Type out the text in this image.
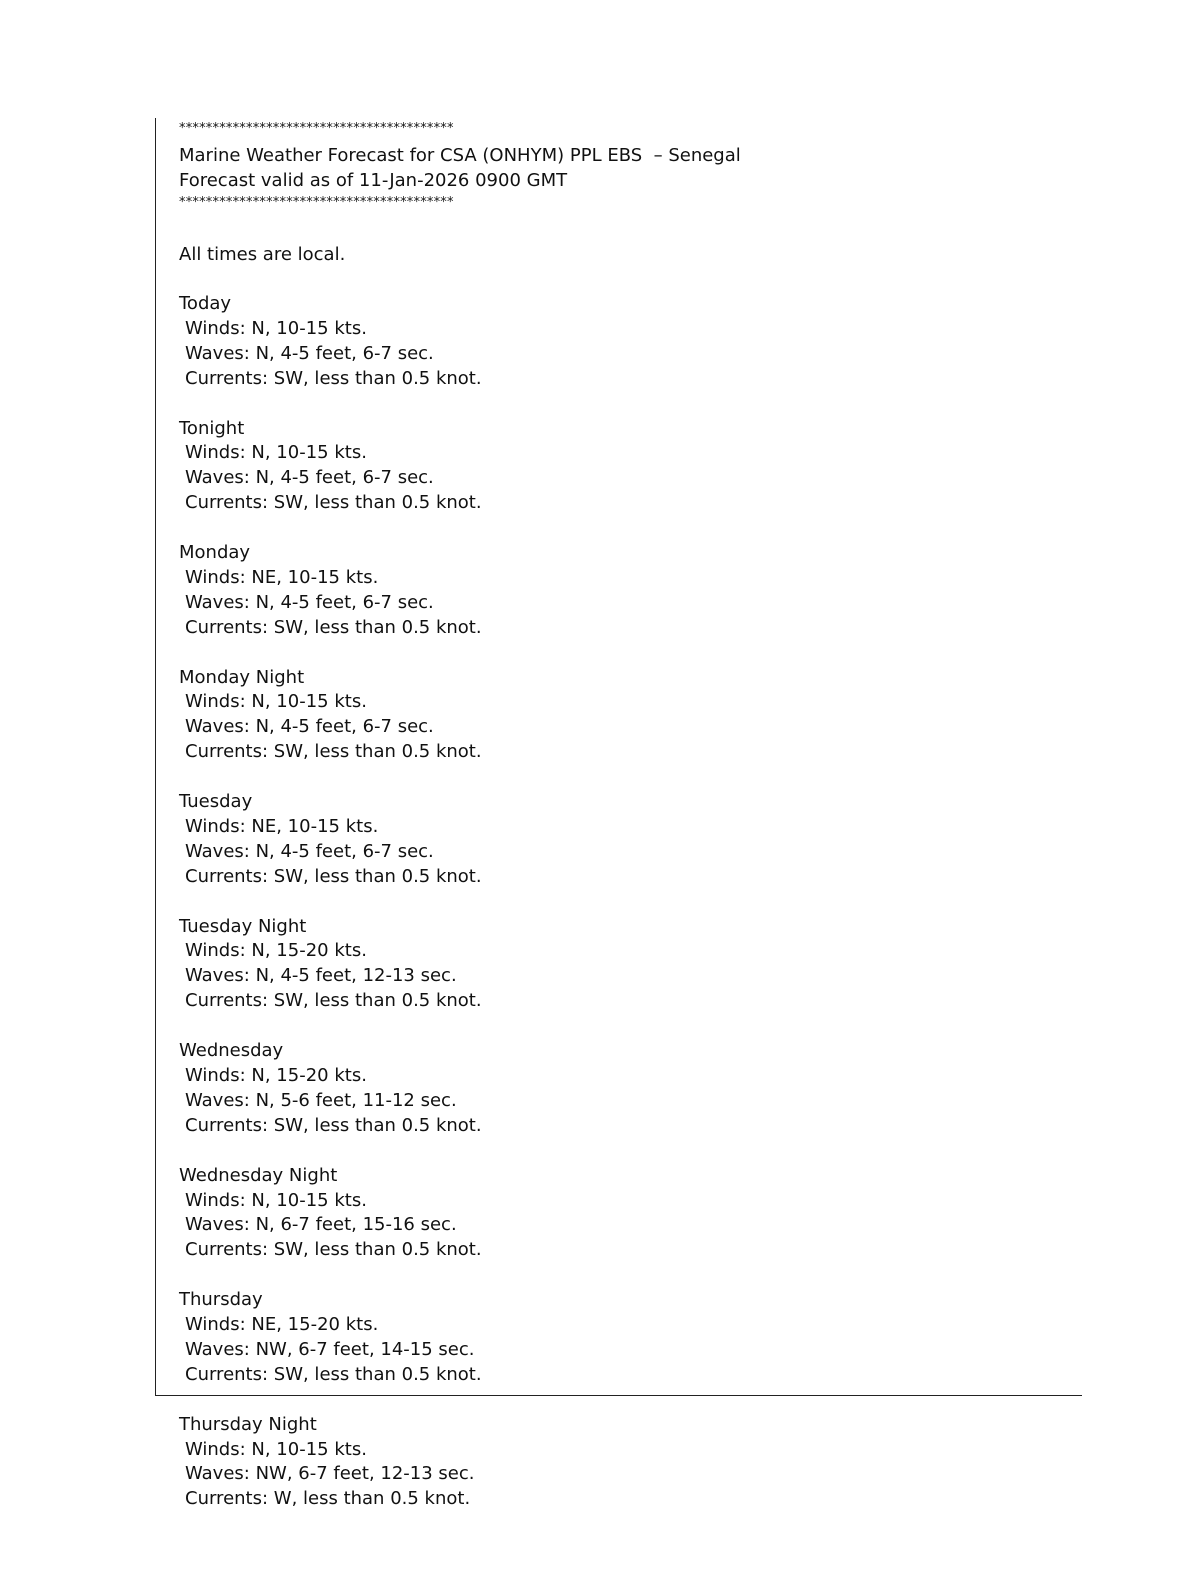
*****************************************
Marine Weather Forecast for CSA (ONHYM) PPL EBS  – Senegal
Forecast valid as of 11-Jan-2026 0900 GMT
*****************************************
All times are local.
Today
Winds: N, 10-15 kts.
Waves: N, 4-5 feet, 6-7 sec.
Currents: SW, less than 0.5 knot.
Tonight
Winds: N, 10-15 kts.
Waves: N, 4-5 feet, 6-7 sec.
Currents: SW, less than 0.5 knot.
Monday
Winds: NE, 10-15 kts.
Waves: N, 4-5 feet, 6-7 sec.
Currents: SW, less than 0.5 knot.
Monday Night
Winds: N, 10-15 kts.
Waves: N, 4-5 feet, 6-7 sec.
Currents: SW, less than 0.5 knot.
Tuesday
Winds: NE, 10-15 kts.
Waves: N, 4-5 feet, 6-7 sec.
Currents: SW, less than 0.5 knot.
Tuesday Night
Winds: N, 15-20 kts.
Waves: N, 4-5 feet, 12-13 sec.
Currents: SW, less than 0.5 knot.
Wednesday
Winds: N, 15-20 kts.
Waves: N, 5-6 feet, 11-12 sec.
Currents: SW, less than 0.5 knot.
Wednesday Night
Winds: N, 10-15 kts.
Waves: N, 6-7 feet, 15-16 sec.
Currents: SW, less than 0.5 knot.
Thursday
Winds: NE, 15-20 kts.
Waves: NW, 6-7 feet, 14-15 sec.
Currents: SW, less than 0.5 knot.
Thursday Night
Winds: N, 10-15 kts.
Waves: NW, 6-7 feet, 12-13 sec.
Currents: W, less than 0.5 knot.
